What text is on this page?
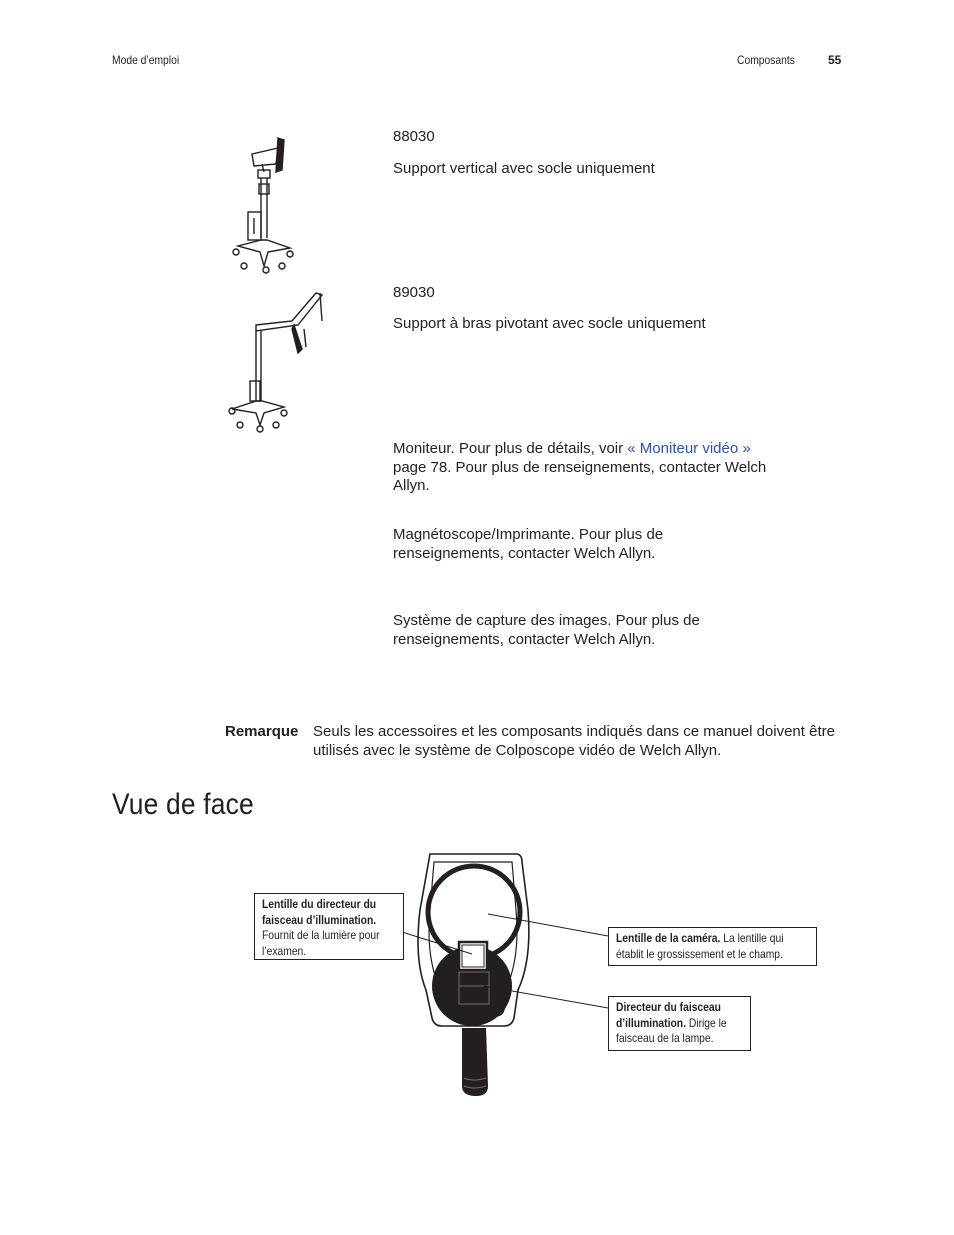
Mode d’emploi	Composants	55
88030
Support vertical avec socle uniquement
89030
Support à bras pivotant avec socle uniquement
Moniteur. Pour plus de détails, voir « Moniteur vidéo » page 78. Pour plus de renseignements, contacter Welch Allyn.
Magnétoscope/Imprimante. Pour plus de renseignements, contacter Welch Allyn.
Système de capture des images. Pour plus de renseignements, contacter Welch Allyn.
Remarque Seuls les accessoires et les composants indiqués dans ce manuel doivent être utilisés avec le système de Colposcope vidéo de Welch Allyn.
Vue de face
Lentille du directeur du faisceau d’illumination. Fournit de la lumière pour l’examen.
Lentille de la caméra. La lentille qui établit le grossissement et le champ.
Directeur du faisceau d’illumination. Dirige le faisceau de la lampe.
